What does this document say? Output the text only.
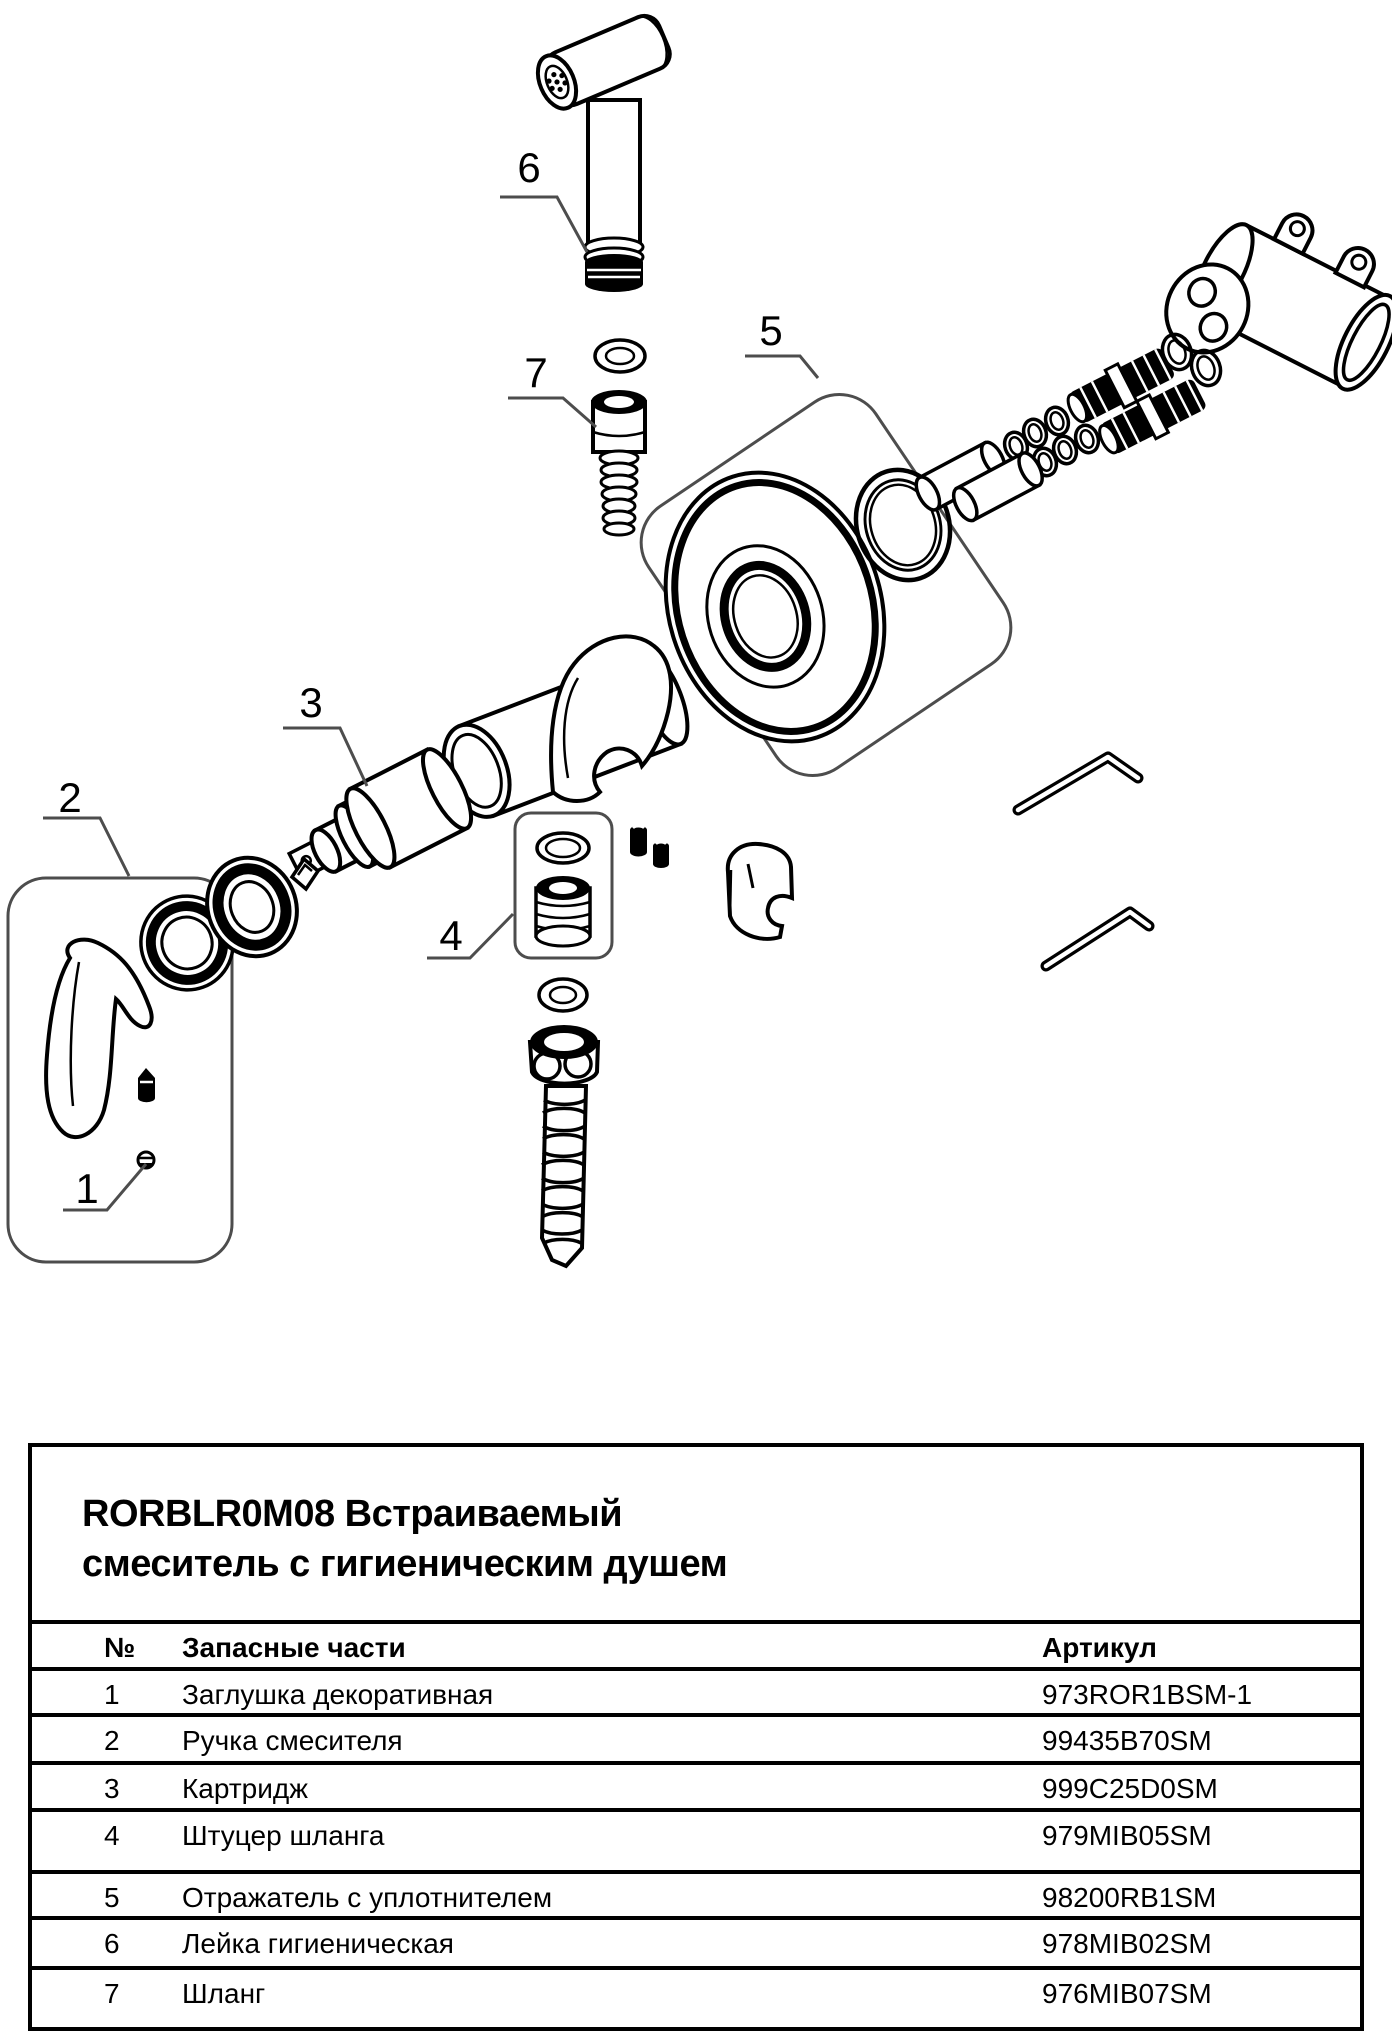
6
7
5
3
2
4
1
RORBLR0M08 Встраиваемый
смеситель с гигиеническим душем
№	Запасные части	Артикул
1	Заглушка декоративная	973ROR1BSM-1
2	Ручка смесителя	99435B70SM
3	Картридж	999C25D0SM
4	Штуцер шланга	979MIB05SM
5	Отражатель с уплотнителем	98200RB1SM
6	Лейка гигиеническая	978MIB02SM
7	Шланг	976MIB07SM
